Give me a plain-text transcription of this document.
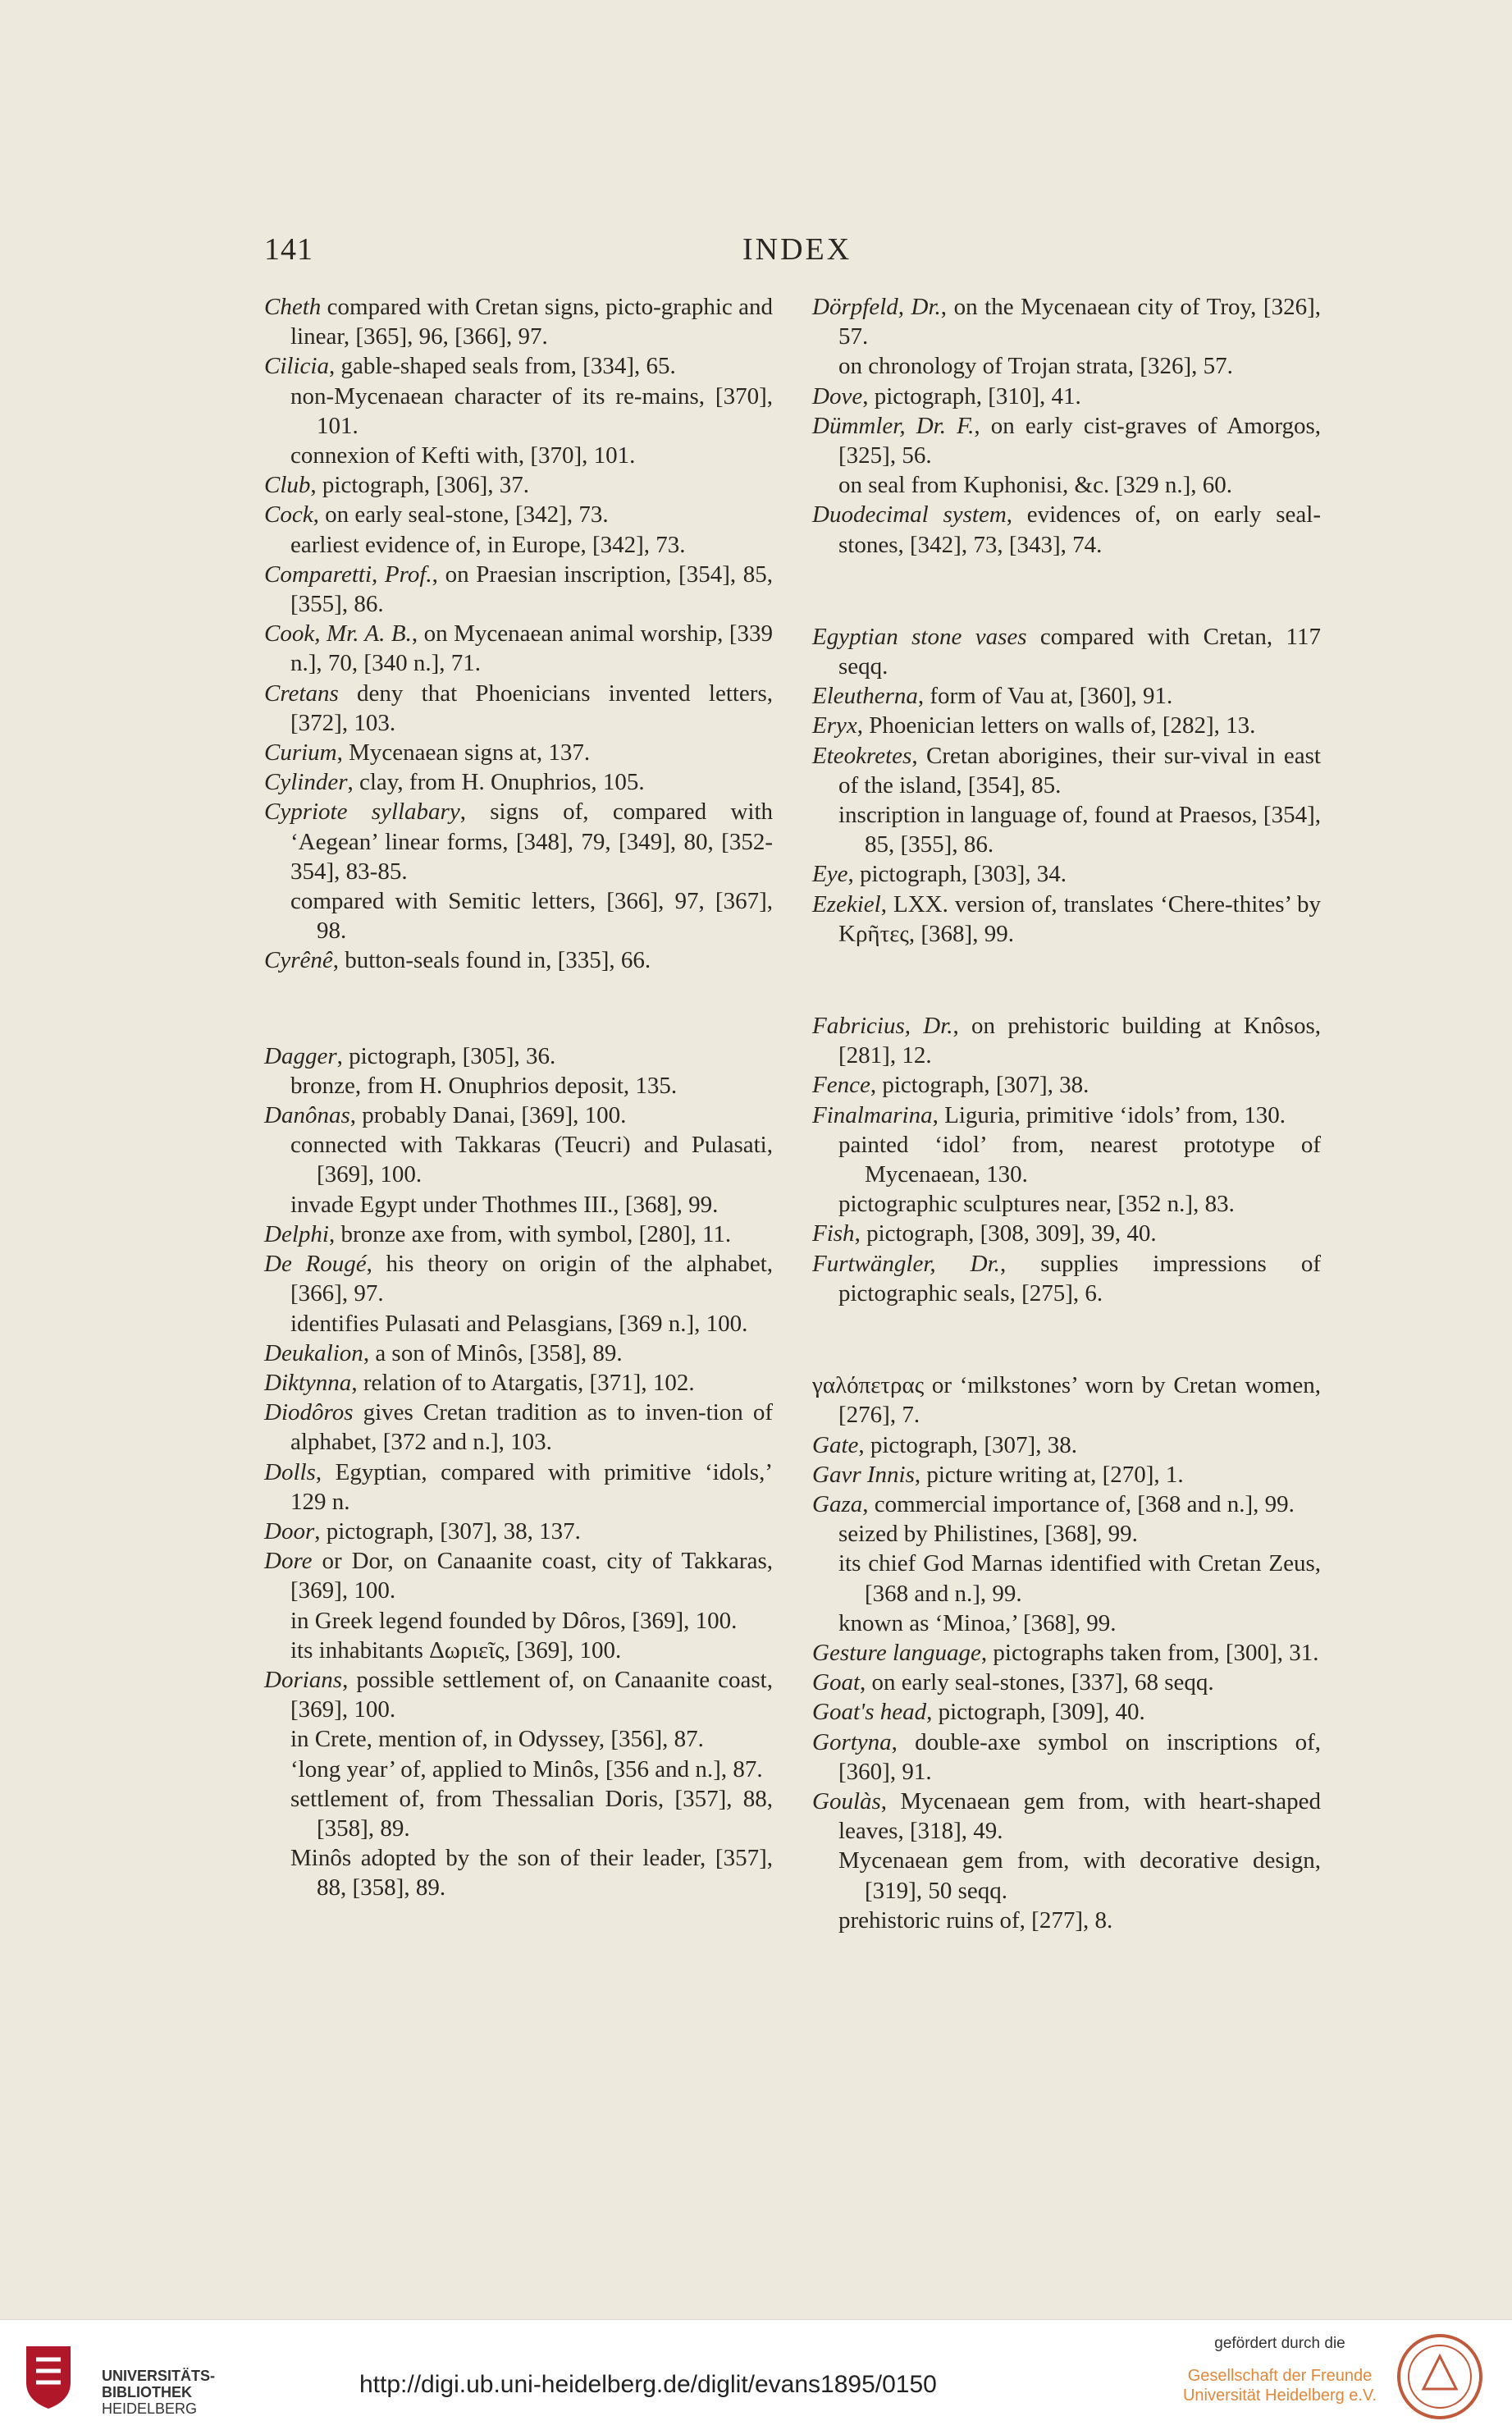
141	INDEX

Cheth compared with Cretan signs, picto-graphic and linear, [365], 96, [366], 97.

Cilicia, gable-shaped seals from, [334], 65.

non-Mycenaean character of its re-mains, [370], 101.

connexion of Kefti with, [370], 101.

Club, pictograph, [306], 37.

Cock, on early seal-stone, [342], 73.

earliest evidence of, in Europe, [342], 73.

Comparetti, Prof., on Praesian inscription, [354], 85, [355], 86.

Cook, Mr. A. B., on Mycenaean animal worship, [339 n.], 70, [340 n.], 71.

Cretans deny that Phoenicians invented letters, [372], 103.

Curium, Mycenaean signs at, 137.

Cylinder, clay, from H. Onuphrios, 105.

Cypriote syllabary, signs of, compared with ‘Aegean’ linear forms, [348], 79, [349], 80, [352-354], 83-85.

compared with Semitic letters, [366], 97, [367], 98.

Cyrênê, button-seals found in, [335], 66.

Dagger, pictograph, [305], 36.

bronze, from H. Onuphrios deposit, 135.

Danônas, probably Danai, [369], 100.

connected with Takkaras (Teucri) and Pulasati, [369], 100.

invade Egypt under Thothmes III., [368], 99.

Delphi, bronze axe from, with symbol, [280], 11.

De Rougé, his theory on origin of the alphabet, [366], 97.

identifies Pulasati and Pelasgians, [369 n.], 100.

Deukalion, a son of Minôs, [358], 89.

Diktynna, relation of to Atargatis, [371], 102.

Diodôros gives Cretan tradition as to inven-tion of alphabet, [372 and n.], 103.

Dolls, Egyptian, compared with primitive ‘idols,’ 129 n.

Door, pictograph, [307], 38, 137.

Dore or Dor, on Canaanite coast, city of Takkaras, [369], 100.

in Greek legend founded by Dôros, [369], 100.

its inhabitants Δωριεῖς, [369], 100.

Dorians, possible settlement of, on Canaanite coast, [369], 100.

in Crete, mention of, in Odyssey, [356], 87.

‘long year’ of, applied to Minôs, [356 and n.], 87.

settlement of, from Thessalian Doris, [357], 88, [358], 89.

Minôs adopted by the son of their leader, [357], 88, [358], 89.

Dörpfeld, Dr., on the Mycenaean city of Troy, [326], 57.

on chronology of Trojan strata, [326], 57.

Dove, pictograph, [310], 41.

Dümmler, Dr. F., on early cist-graves of Amorgos, [325], 56.

on seal from Kuphonisi, &c. [329 n.], 60.

Duodecimal system, evidences of, on early seal-stones, [342], 73, [343], 74.

Egyptian stone vases compared with Cretan, 117 seqq.

Eleutherna, form of Vau at, [360], 91.

Eryx, Phoenician letters on walls of, [282], 13.

Eteokretes, Cretan aborigines, their sur-vival in east of the island, [354], 85.

inscription in language of, found at Praesos, [354], 85, [355], 86.

Eye, pictograph, [303], 34.

Ezekiel, LXX. version of, translates ‘Chere-thites’ by Κρῆτες, [368], 99.

Fabricius, Dr., on prehistoric building at Knôsos, [281], 12.

Fence, pictograph, [307], 38.

Finalmarina, Liguria, primitive ‘idols’ from, 130.

painted ‘idol’ from, nearest prototype of Mycenaean, 130.

pictographic sculptures near, [352 n.], 83.

Fish, pictograph, [308, 309], 39, 40.

Furtwängler, Dr., supplies impressions of pictographic seals, [275], 6.

γαλόπετρας or ‘milkstones’ worn by Cretan women, [276], 7.

Gate, pictograph, [307], 38.

Gavr Innis, picture writing at, [270], 1.

Gaza, commercial importance of, [368 and n.], 99.

seized by Philistines, [368], 99.

its chief God Marnas identified with Cretan Zeus, [368 and n.], 99.

known as ‘Minoa,’ [368], 99.

Gesture language, pictographs taken from, [300], 31.

Goat, on early seal-stones, [337], 68 seqq.

Goat's head, pictograph, [309], 40.

Gortyna, double-axe symbol on inscriptions of, [360], 91.

Goulàs, Mycenaean gem from, with heart-shaped leaves, [318], 49.

Mycenaean gem from, with decorative design, [319], 50 seqq.

prehistoric ruins of, [277], 8.

UNIVERSITÄTS-
BIBLIOTHEK
HEIDELBERG
http://digi.ub.uni-heidelberg.de/diglit/evans1895/0150
gefördert durch die
Gesellschaft der Freunde
Universität Heidelberg e.V.
